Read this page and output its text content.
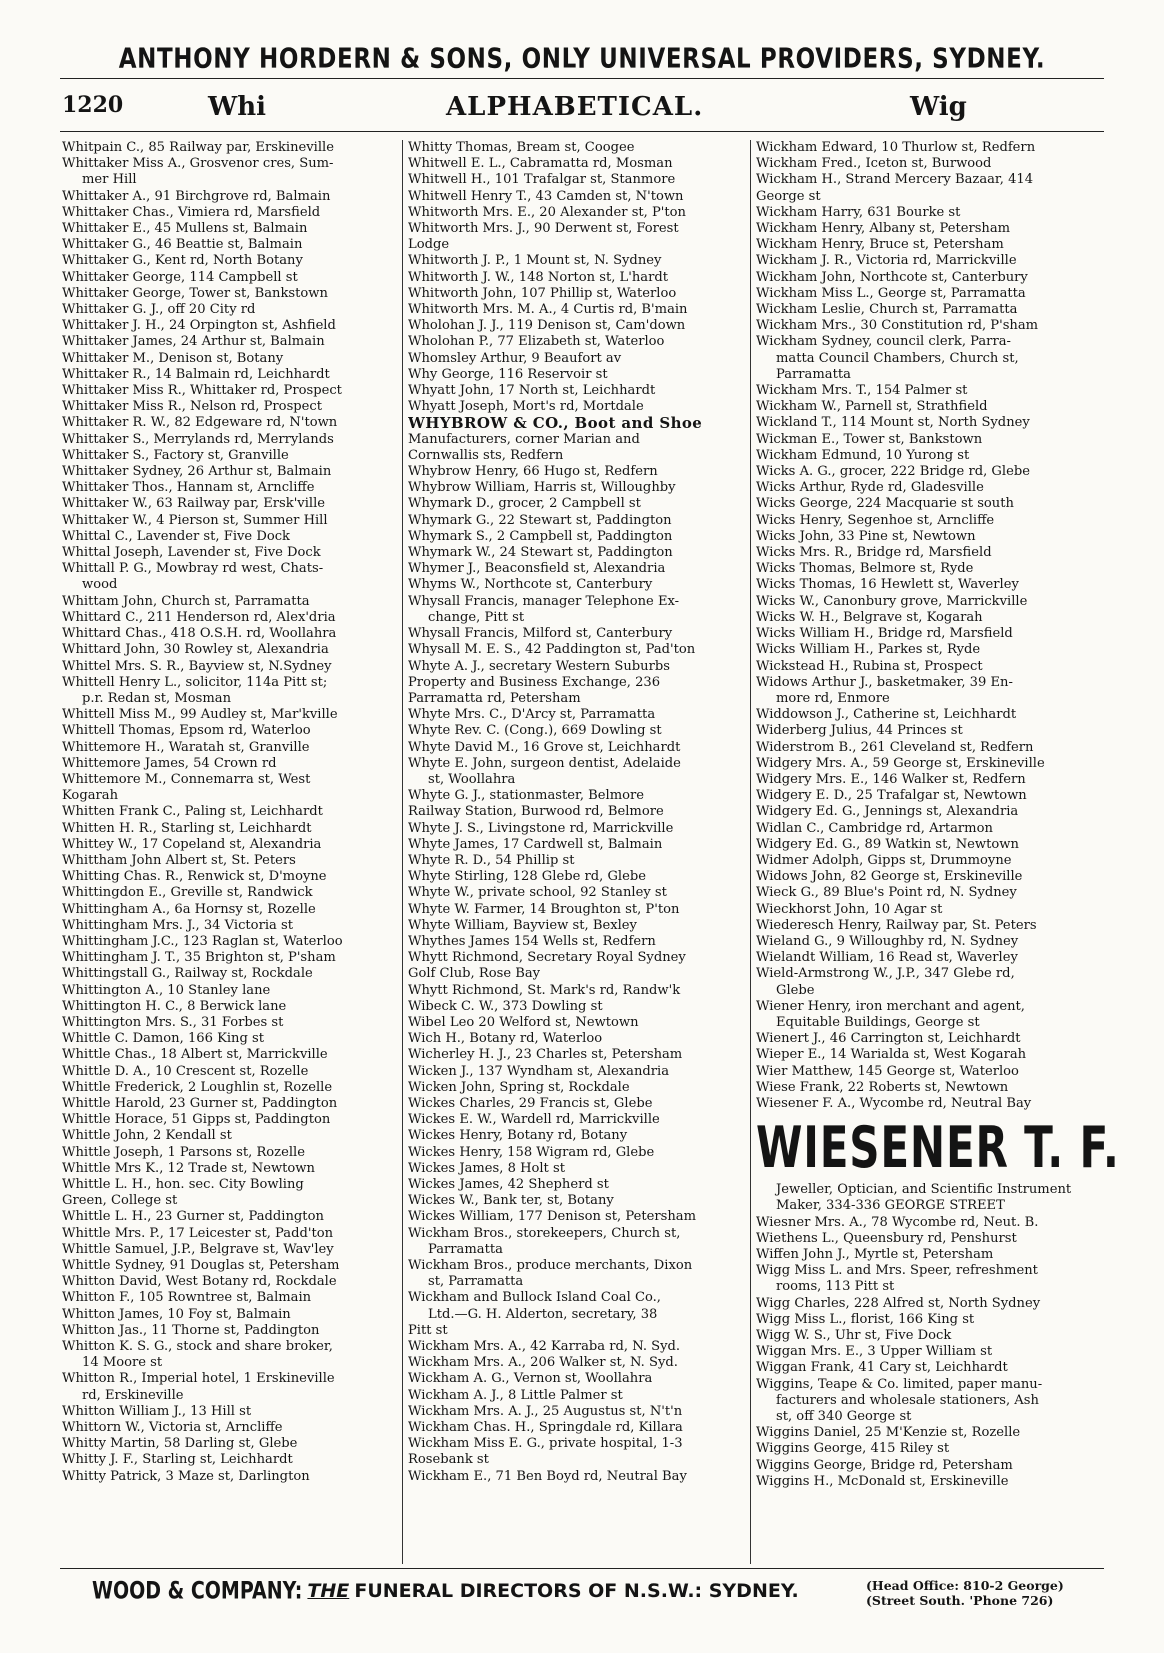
ANTHONY HORDERN & SONS, ONLY UNIVERSAL PROVIDERS, SYDNEY.
1220	Whi	ALPHABETICAL.	Wig
Whitpain C., 85 Railway par, Erskineville
Whittaker Miss A., Grosvenor cres, Sum-
mer Hill
Whittaker A., 91 Birchgrove rd, Balmain
Whittaker Chas., Vimiera rd, Marsfield
Whittaker E., 45 Mullens st, Balmain
Whittaker G., 46 Beattie st, Balmain
Whittaker G., Kent rd, North Botany
Whittaker George, 114 Campbell st
Whittaker George, Tower st, Bankstown
Whittaker G. J., off 20 City rd
Whittaker J. H., 24 Orpington st, Ashfield
Whittaker James, 24 Arthur st, Balmain
Whittaker M., Denison st, Botany
Whittaker R., 14 Balmain rd, Leichhardt
Whittaker Miss R., Whittaker rd, Prospect
Whittaker Miss R., Nelson rd, Prospect
Whittaker R. W., 82 Edgeware rd, N'town
Whittaker S., Merrylands rd, Merrylands
Whittaker S., Factory st, Granville
Whittaker Sydney, 26 Arthur st, Balmain
Whittaker Thos., Hannam st, Arncliffe
Whittaker W., 63 Railway par, Ersk'ville
Whittaker W., 4 Pierson st, Summer Hill
Whittal C., Lavender st, Five Dock
Whittal Joseph, Lavender st, Five Dock
Whittall P. G., Mowbray rd west, Chats-
wood
Whittam John, Church st, Parramatta
Whittard C., 211 Henderson rd, Alex'dria
Whittard Chas., 418 O.S.H. rd, Woollahra
Whittard John, 30 Rowley st, Alexandria
Whittel Mrs. S. R., Bayview st, N.Sydney
Whittell Henry L., solicitor, 114a Pitt st;
p.r. Redan st, Mosman
Whittell Miss M., 99 Audley st, Mar'kville
Whittell Thomas, Epsom rd, Waterloo
Whittemore H., Waratah st, Granville
Whittemore James, 54 Crown rd
Whittemore M., Connemarra st, West
Kogarah
Whitten Frank C., Paling st, Leichhardt
Whitten H. R., Starling st, Leichhardt
Whittey W., 17 Copeland st, Alexandria
Whittham John Albert st, St. Peters
Whitting Chas. R., Renwick st, D'moyne
Whittingdon E., Greville st, Randwick
Whittingham A., 6a Hornsy st, Rozelle
Whittingham Mrs. J., 34 Victoria st
Whittingham J.C., 123 Raglan st, Waterloo
Whittingham J. T., 35 Brighton st, P'sham
Whittingstall G., Railway st, Rockdale
Whittington A., 10 Stanley lane
Whittington H. C., 8 Berwick lane
Whittington Mrs. S., 31 Forbes st
Whittle C. Damon, 166 King st
Whittle Chas., 18 Albert st, Marrickville
Whittle D. A., 10 Crescent st, Rozelle
Whittle Frederick, 2 Loughlin st, Rozelle
Whittle Harold, 23 Gurner st, Paddington
Whittle Horace, 51 Gipps st, Paddington
Whittle John, 2 Kendall st
Whittle Joseph, 1 Parsons st, Rozelle
Whittle Mrs K., 12 Trade st, Newtown
Whittle L. H., hon. sec. City Bowling
Green, College st
Whittle L. H., 23 Gurner st, Paddington
Whittle Mrs. P., 17 Leicester st, Padd'ton
Whittle Samuel, J.P., Belgrave st, Wav'ley
Whittle Sydney, 91 Douglas st, Petersham
Whitton David, West Botany rd, Rockdale
Whitton F., 105 Rowntree st, Balmain
Whitton James, 10 Foy st, Balmain
Whitton Jas., 11 Thorne st, Paddington
Whitton K. S. G., stock and share broker,
14 Moore st
Whitton R., Imperial hotel, 1 Erskineville
rd, Erskineville
Whitton William J., 13 Hill st
Whittorn W., Victoria st, Arncliffe
Whitty Martin, 58 Darling st, Glebe
Whitty J. F., Starling st, Leichhardt
Whitty Patrick, 3 Maze st, Darlington
Whitty Thomas, Bream st, Coogee
Whitwell E. L., Cabramatta rd, Mosman
Whitwell H., 101 Trafalgar st, Stanmore
Whitwell Henry T., 43 Camden st, N'town
Whitworth Mrs. E., 20 Alexander st, P'ton
Whitworth Mrs. J., 90 Derwent st, Forest
Lodge
Whitworth J. P., 1 Mount st, N. Sydney
Whitworth J. W., 148 Norton st, L'hardt
Whitworth John, 107 Phillip st, Waterloo
Whitworth Mrs. M. A., 4 Curtis rd, B'main
Wholohan J. J., 119 Denison st, Cam'down
Wholohan P., 77 Elizabeth st, Waterloo
Whomsley Arthur, 9 Beaufort av
Why George, 116 Reservoir st
Whyatt John, 17 North st, Leichhardt
Whyatt Joseph, Mort's rd, Mortdale
WHYBROW & CO., Boot and Shoe
Manufacturers, corner Marian and
Cornwallis sts, Redfern
Whybrow Henry, 66 Hugo st, Redfern
Whybrow William, Harris st, Willoughby
Whymark D., grocer, 2 Campbell st
Whymark G., 22 Stewart st, Paddington
Whymark S., 2 Campbell st, Paddington
Whymark W., 24 Stewart st, Paddington
Whymer J., Beaconsfield st, Alexandria
Whyms W., Northcote st, Canterbury
Whysall Francis, manager Telephone Ex-
change, Pitt st
Whysall Francis, Milford st, Canterbury
Whysall M. E. S., 42 Paddington st, Pad'ton
Whyte A. J., secretary Western Suburbs
Property and Business Exchange, 236
Parramatta rd, Petersham
Whyte Mrs. C., D'Arcy st, Parramatta
Whyte Rev. C. (Cong.), 669 Dowling st
Whyte David M., 16 Grove st, Leichhardt
Whyte E. John, surgeon dentist, Adelaide
st, Woollahra
Whyte G. J., stationmaster, Belmore
Railway Station, Burwood rd, Belmore
Whyte J. S., Livingstone rd, Marrickville
Whyte James, 17 Cardwell st, Balmain
Whyte R. D., 54 Phillip st
Whyte Stirling, 128 Glebe rd, Glebe
Whyte W., private school, 92 Stanley st
Whyte W. Farmer, 14 Broughton st, P'ton
Whyte William, Bayview st, Bexley
Whythes James 154 Wells st, Redfern
Whytt Richmond, Secretary Royal Sydney
Golf Club, Rose Bay
Whytt Richmond, St. Mark's rd, Randw'k
Wibeck C. W., 373 Dowling st
Wibel Leo 20 Welford st, Newtown
Wich H., Botany rd, Waterloo
Wicherley H. J., 23 Charles st, Petersham
Wicken J., 137 Wyndham st, Alexandria
Wicken John, Spring st, Rockdale
Wickes Charles, 29 Francis st, Glebe
Wickes E. W., Wardell rd, Marrickville
Wickes Henry, Botany rd, Botany
Wickes Henry, 158 Wigram rd, Glebe
Wickes James, 8 Holt st
Wickes James, 42 Shepherd st
Wickes W., Bank ter, st, Botany
Wickes William, 177 Denison st, Petersham
Wickham Bros., storekeepers, Church st,
Parramatta
Wickham Bros., produce merchants, Dixon
st, Parramatta
Wickham and Bullock Island Coal Co.,
Ltd.—G. H. Alderton, secretary, 38
Pitt st
Wickham Mrs. A., 42 Karraba rd, N. Syd.
Wickham Mrs. A., 206 Walker st, N. Syd.
Wickham A. G., Vernon st, Woollahra
Wickham A. J., 8 Little Palmer st
Wickham Mrs. A. J., 25 Augustus st, N't'n
Wickham Chas. H., Springdale rd, Killara
Wickham Miss E. G., private hospital, 1-3
Rosebank st
Wickham E., 71 Ben Boyd rd, Neutral Bay
Wickham Edward, 10 Thurlow st, Redfern
Wickham Fred., Iceton st, Burwood
Wickham H., Strand Mercery Bazaar, 414
George st
Wickham Harry, 631 Bourke st
Wickham Henry, Albany st, Petersham
Wickham Henry, Bruce st, Petersham
Wickham J. R., Victoria rd, Marrickville
Wickham John, Northcote st, Canterbury
Wickham Miss L., George st, Parramatta
Wickham Leslie, Church st, Parramatta
Wickham Mrs., 30 Constitution rd, P'sham
Wickham Sydney, council clerk, Parra-
matta Council Chambers, Church st,
Parramatta
Wickham Mrs. T., 154 Palmer st
Wickham W., Parnell st, Strathfield
Wickland T., 114 Mount st, North Sydney
Wickman E., Tower st, Bankstown
Wickham Edmund, 10 Yurong st
Wicks A. G., grocer, 222 Bridge rd, Glebe
Wicks Arthur, Ryde rd, Gladesville
Wicks George, 224 Macquarie st south
Wicks Henry, Segenhoe st, Arncliffe
Wicks John, 33 Pine st, Newtown
Wicks Mrs. R., Bridge rd, Marsfield
Wicks Thomas, Belmore st, Ryde
Wicks Thomas, 16 Hewlett st, Waverley
Wicks W., Canonbury grove, Marrickville
Wicks W. H., Belgrave st, Kogarah
Wicks William H., Bridge rd, Marsfield
Wicks William H., Parkes st, Ryde
Wickstead H., Rubina st, Prospect
Widows Arthur J., basketmaker, 39 En-
more rd, Enmore
Widdowson J., Catherine st, Leichhardt
Widerberg Julius, 44 Princes st
Widerstrom B., 261 Cleveland st, Redfern
Widgery Mrs. A., 59 George st, Erskineville
Widgery Mrs. E., 146 Walker st, Redfern
Widgery E. D., 25 Trafalgar st, Newtown
Widgery Ed. G., Jennings st, Alexandria
Widlan C., Cambridge rd, Artarmon
Widgery Ed. G., 89 Watkin st, Newtown
Widmer Adolph, Gipps st, Drummoyne
Widows John, 82 George st, Erskineville
Wieck G., 89 Blue's Point rd, N. Sydney
Wieckhorst John, 10 Agar st
Wiederesch Henry, Railway par, St. Peters
Wieland G., 9 Willoughby rd, N. Sydney
Wielandt William, 16 Read st, Waverley
Wield-Armstrong W., J.P., 347 Glebe rd,
Glebe
Wiener Henry, iron merchant and agent,
Equitable Buildings, George st
Wienert J., 46 Carrington st, Leichhardt
Wieper E., 14 Warialda st, West Kogarah
Wier Matthew, 145 George st, Waterloo
Wiese Frank, 22 Roberts st, Newtown
Wiesener F. A., Wycombe rd, Neutral Bay
WIESENER T. F.
Jeweller, Optician, and Scientific Instrument Maker, 334-336 GEORGE STREET
Wiesner Mrs. A., 78 Wycombe rd, Neut. B.
Wiethens L., Queensbury rd, Penshurst
Wiffen John J., Myrtle st, Petersham
Wigg Miss L. and Mrs. Speer, refreshment
rooms, 113 Pitt st
Wigg Charles, 228 Alfred st, North Sydney
Wigg Miss L., florist, 166 King st
Wigg W. S., Uhr st, Five Dock
Wiggan Mrs. E., 3 Upper William st
Wiggan Frank, 41 Cary st, Leichhardt
Wiggins, Teape & Co. limited, paper manu-
facturers and wholesale stationers, Ash
st, off 340 George st
Wiggins Daniel, 25 M'Kenzie st, Rozelle
Wiggins George, 415 Riley st
Wiggins George, Bridge rd, Petersham
Wiggins H., McDonald st, Erskineville
WOOD & COMPANY: THE FUNERAL DIRECTORS OF N.S.W.: SYDNEY.	(Head Office: 810-2 George)
(Street South. 'Phone 726)
